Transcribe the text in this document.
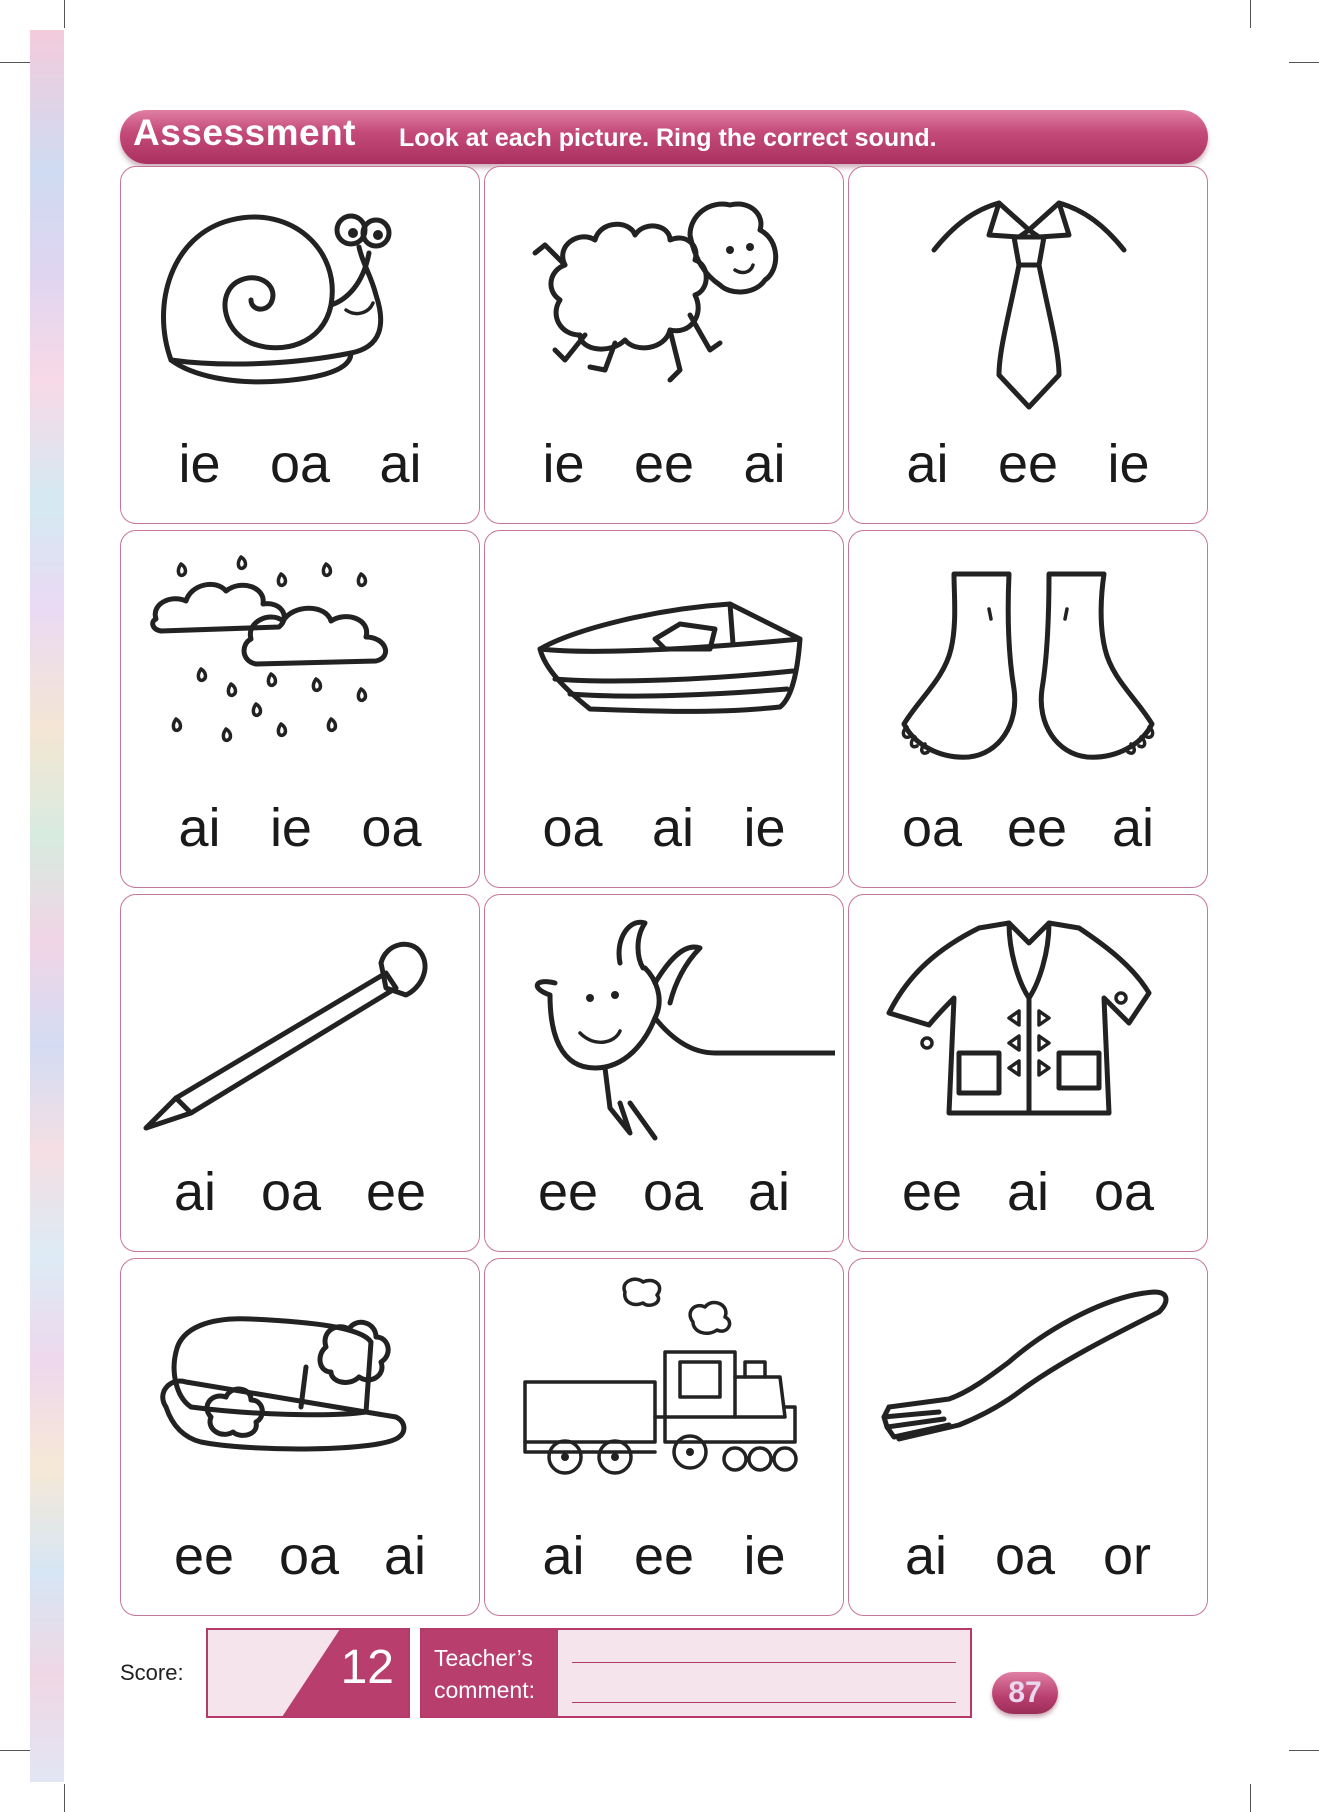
Assessment Look at each picture. Ring the correct sound.
ie oa ai ie ee ai ai ee ie
ai ie oa oa ai ie oa ee ai
ai oa ee ee oa ai ee ai oa
ee oa ai ai ee ie ai oa or
Score:	12 Teacher’s
comment:	87
